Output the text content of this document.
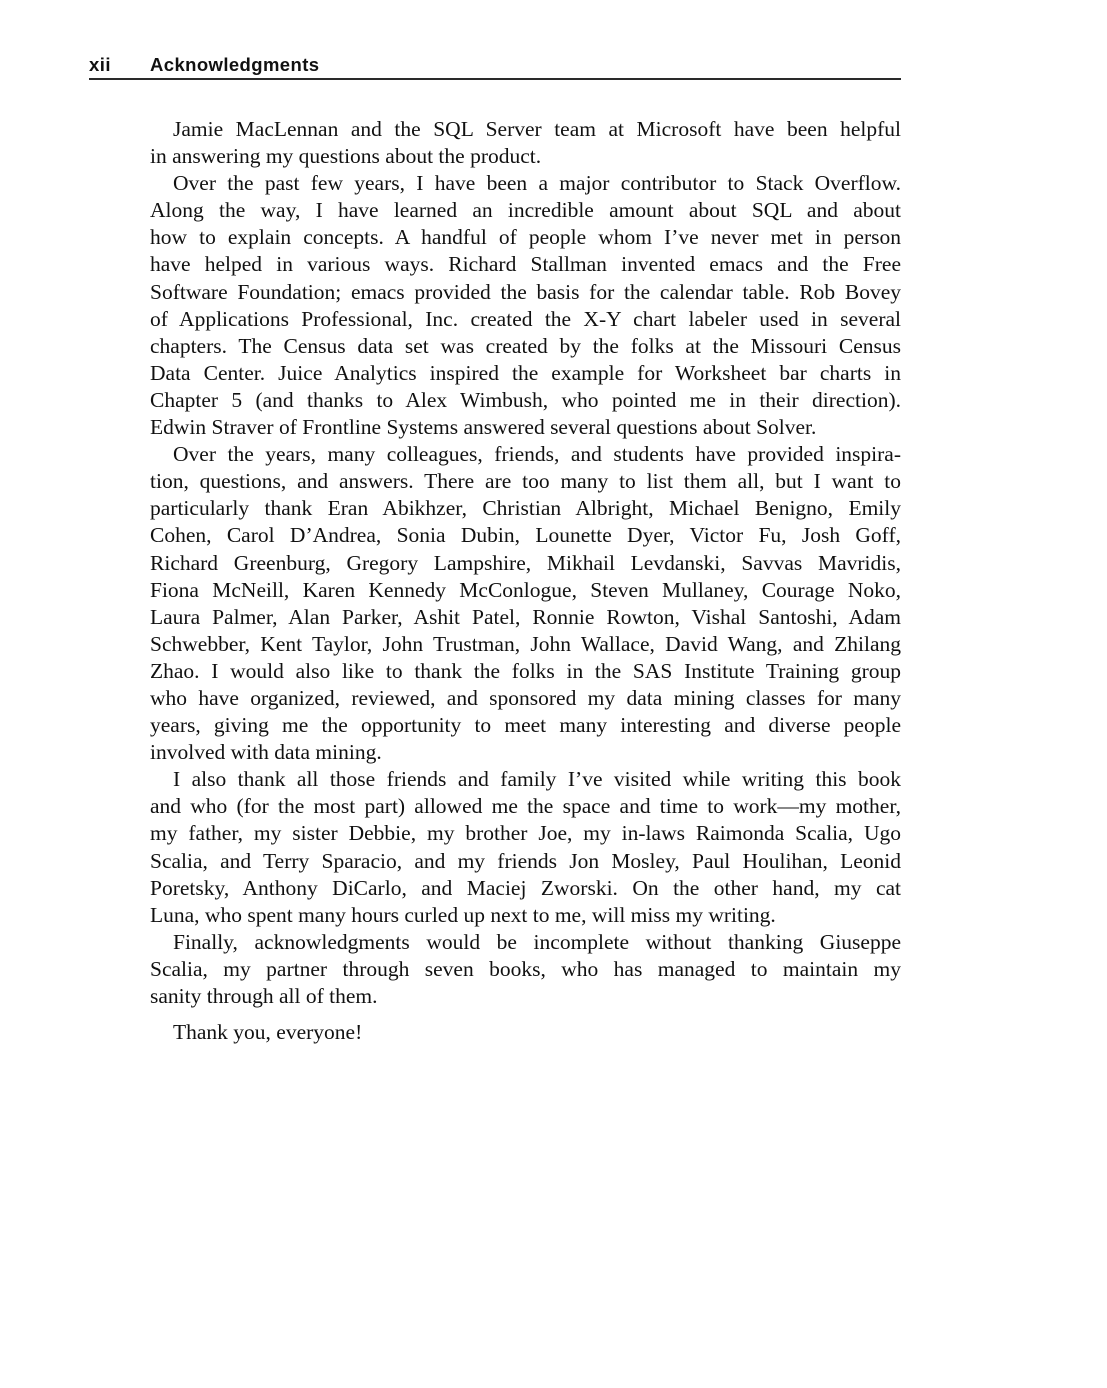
xii Acknowledgments

Jamie MacLennan and the SQL Server team at Microsoft have been helpful
in answering my questions about the product.

Over the past few years, I have been a major contributor to Stack Overflow.
Along the way, I have learned an incredible amount about SQL and about
how to explain concepts. A handful of people whom I’ve never met in person
have helped in various ways. Richard Stallman invented emacs and the Free
Software Foundation; emacs provided the basis for the calendar table. Rob Bovey
of Applications Professional, Inc. created the X-Y chart labeler used in several
chapters. The Census data set was created by the folks at the Missouri Census
Data Center. Juice Analytics inspired the example for Worksheet bar charts in
Chapter 5 (and thanks to Alex Wimbush, who pointed me in their direction).
Edwin Straver of Frontline Systems answered several questions about Solver.

Over the years, many colleagues, friends, and students have provided inspira-
tion, questions, and answers. There are too many to list them all, but I want to
particularly thank Eran Abikhzer, Christian Albright, Michael Benigno, Emily
Cohen, Carol D’Andrea, Sonia Dubin, Lounette Dyer, Victor Fu, Josh Goff,
Richard Greenburg, Gregory Lampshire, Mikhail Levdanski, Savvas Mavridis,
Fiona McNeill, Karen Kennedy McConlogue, Steven Mullaney, Courage Noko,
Laura Palmer, Alan Parker, Ashit Patel, Ronnie Rowton, Vishal Santoshi, Adam
Schwebber, Kent Taylor, John Trustman, John Wallace, David Wang, and Zhilang
Zhao. I would also like to thank the folks in the SAS Institute Training group
who have organized, reviewed, and sponsored my data mining classes for many
years, giving me the opportunity to meet many interesting and diverse people
involved with data mining.

I also thank all those friends and family I’ve visited while writing this book
and who (for the most part) allowed me the space and time to work—my mother,
my father, my sister Debbie, my brother Joe, my in-laws Raimonda Scalia, Ugo
Scalia, and Terry Sparacio, and my friends Jon Mosley, Paul Houlihan, Leonid
Poretsky, Anthony DiCarlo, and Maciej Zworski. On the other hand, my cat
Luna, who spent many hours curled up next to me, will miss my writing.

Finally, acknowledgments would be incomplete without thanking Giuseppe
Scalia, my partner through seven books, who has managed to maintain my
sanity through all of them.

Thank you, everyone!
